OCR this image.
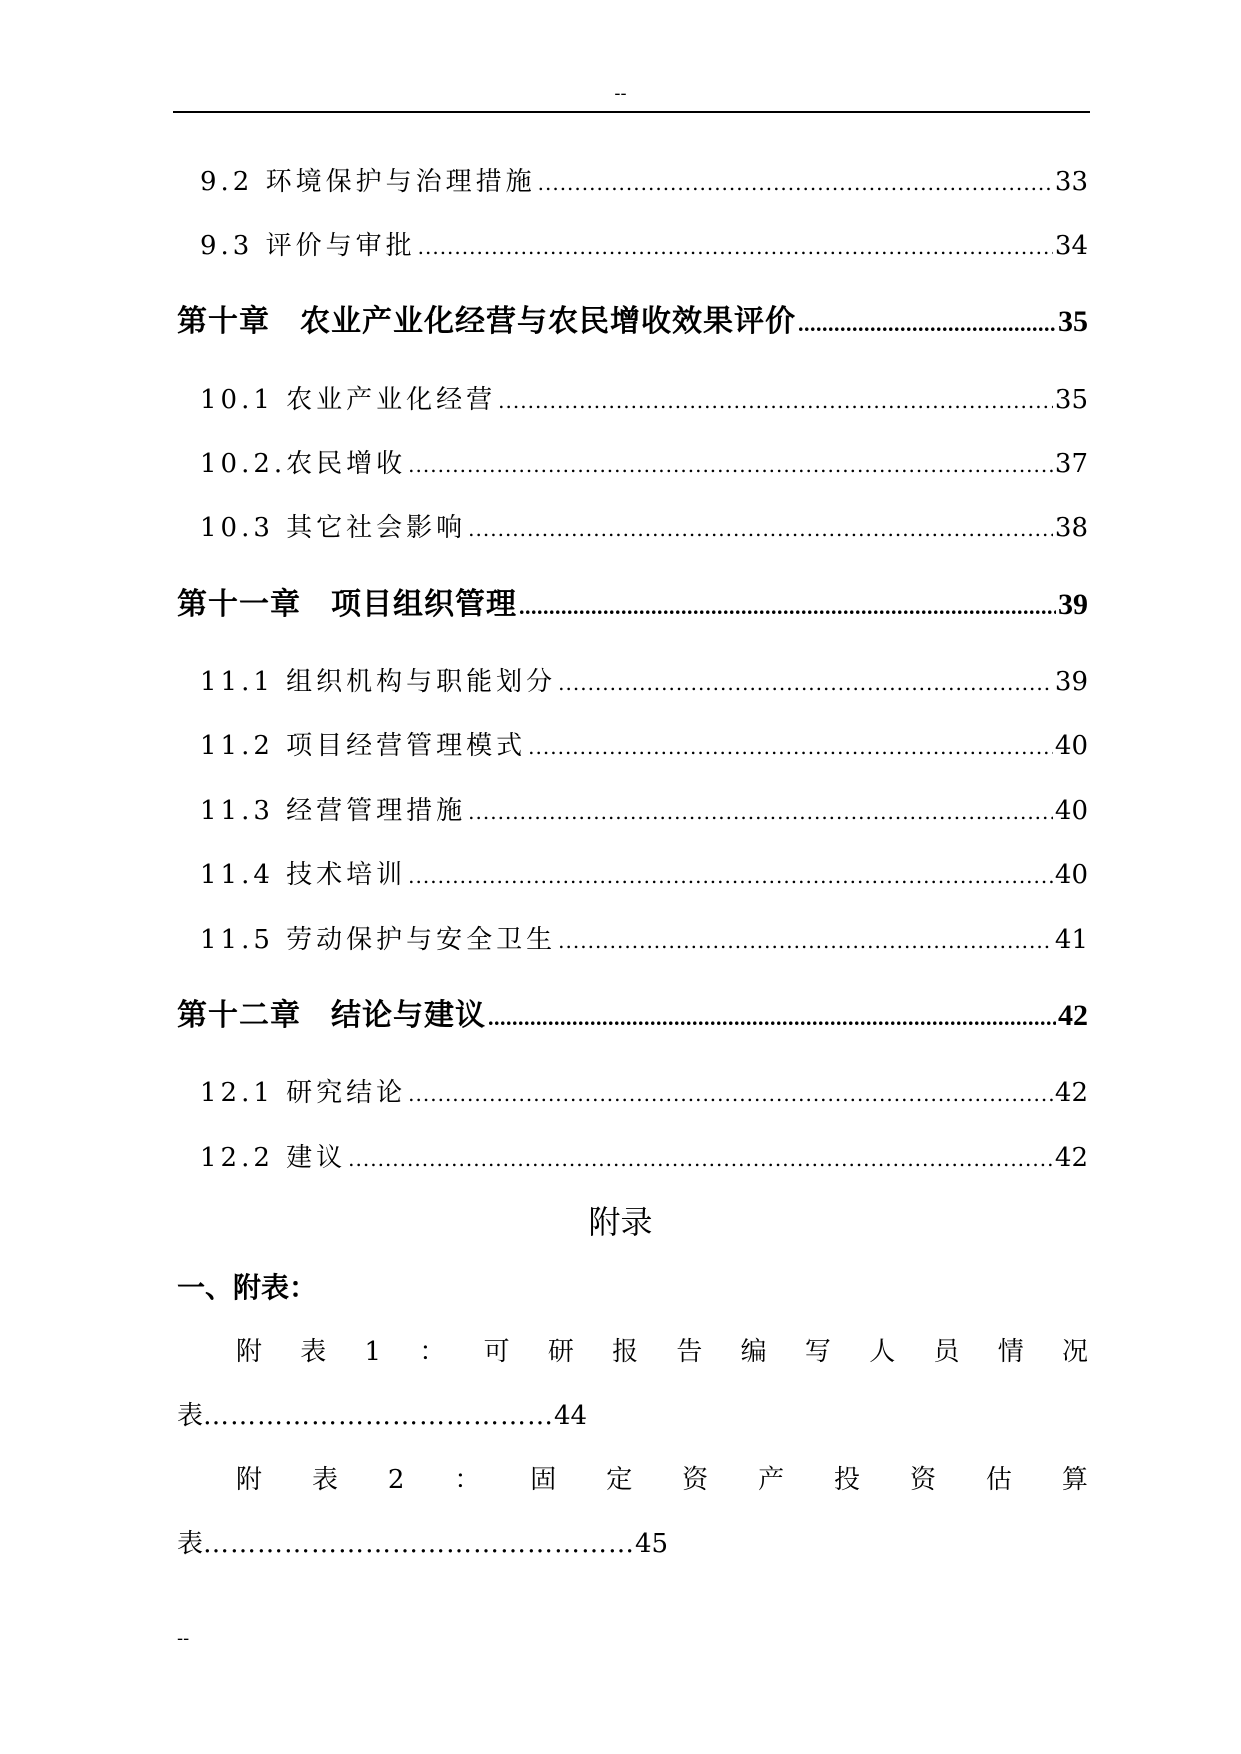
--
9.2 环境保护与治理措施 .....	33
9.3 评价与审批 .....	34
第十章 农业产业化经营与农民增收效果评价 .....	35
10.1 农业产业化经营 .....	35
10.2.农民增收 .....	37
10.3 其它社会影响 .....	38
第十一章 项目组织管理 .....	39
11.1 组织机构与职能划分 .....	39
11.2 项目经营管理模式 .....	40
11.3 经营管理措施 .....	40
11.4 技术培训 .....	40
11.5 劳动保护与安全卫生 .....	41
第十二章 结论与建议 .....	42
12.1 研究结论 .....	42
12.2 建议 .....	42
附录
一、附表：
附 表 1 ： 可 研 报 告 编 写 人 员 情 况
表…………………………………44
附 表 2 ： 固 定 资 产 投 资 估 算
表…………………………………………45
--
